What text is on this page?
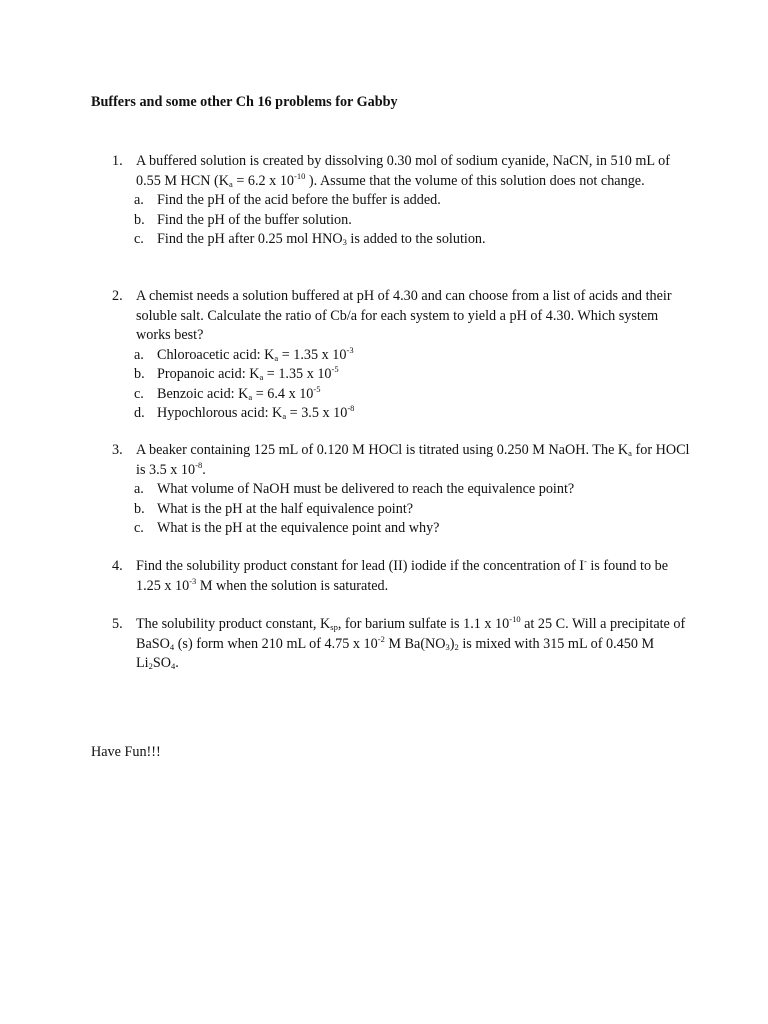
Buffers and some other Ch 16 problems for Gabby
1. A buffered solution is created by dissolving 0.30 mol of sodium cyanide, NaCN, in 510 mL of 0.55 M HCN ($K_a = 6.2$ x $10^{-10}$ ). Assume that the volume of this solution does not change.
a. Find the pH of the acid before the buffer is added.
b. Find the pH of the buffer solution.
c. Find the pH after 0.25 mol $HNO_3$ is added to the solution.
2. A chemist needs a solution buffered at pH of 4.30 and can choose from a list of acids and their soluble salt. Calculate the ratio of Cb/a for each system to yield a pH of 4.30. Which system works best?
a. Chloroacetic acid: $K_a = 1.35$ x $10^{-3}$
b. Propanoic acid: $K_a = 1.35$ x $10^{-5}$
c. Benzoic acid: $K_a = 6.4$ x $10^{-5}$
d. Hypochlorous acid: $K_a = 3.5$ x $10^{-8}$
3. A beaker containing 125 mL of 0.120 M HOCl is titrated using 0.250 M NaOH. The $K_a$ for HOCl is 3.5 x $10^{-8}$.
a. What volume of NaOH must be delivered to reach the equivalence point?
b. What is the pH at the half equivalence point?
c. What is the pH at the equivalence point and why?
4. Find the solubility product constant for lead (II) iodide if the concentration of I- is found to be 1.25 x $10^{-3}$ M when the solution is saturated.
5. The solubility product constant, $K_{sp}$, for barium sulfate is 1.1 x $10^{-10}$ at 25 C. Will a precipitate of BaSO$_4$ (s) form when 210 mL of 4.75 x $10^{-2}$ M $Ba(NO_3)_2$ is mixed with 315 mL of 0.450 M $Li_2SO_4$.
Have Fun!!!
